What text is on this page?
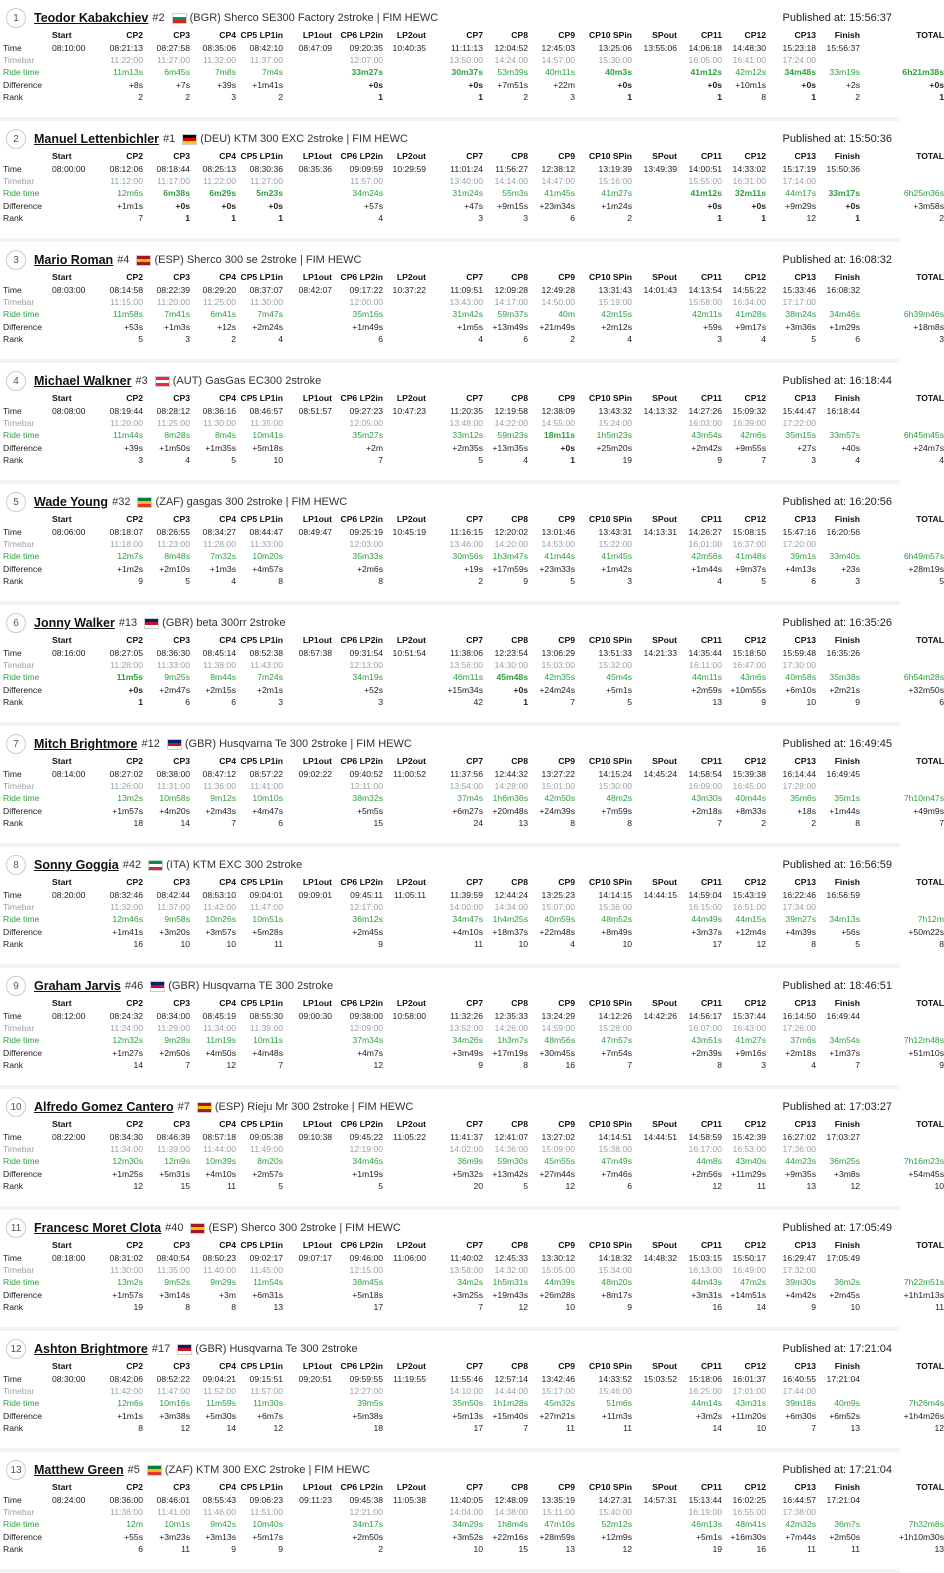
1	Teodor Kabakchiev #2 (BGR) Sherco SE300 Factory 2stroke | FIM HEWC	Published at: 15:56:37
	Start	CP2	CP3	CP4	CP5 LP1in	LP1out	CP6 LP2in	LP2out	CP7	CP8	CP9	CP10 SPin	SPout	CP11	CP12	CP13	Finish	TOTAL
Time	08:10:00	08:21:13	08:27:58	08:35:06	08:42:10	08:47:09	09:20:35	10:40:35	11:11:13	12:04:52	12:45:03	13:25:06	13:55:06	14:06:18	14:48:30	15:23:18	15:56:37	
Timebar		11:22:00	11:27:00	11:32:00	11:37:00		12:07:00		13:50:00	14:24:00	14:57:00	15:30:00		16:05:00	16:41:00	17:24:00		
Ride time		11m13s	6m45s	7m8s	7m4s		33m27s		30m37s	53m39s	40m11s	40m3s		41m12s	42m12s	34m48s	33m19s	6h21m38s
Difference		+8s	+7s	+39s	+1m41s		+0s		+0s	+7m51s	+22m	+0s		+0s	+10m1s	+0s	+2s	+0s
Rank		2	2	3	2		1		1	2	3	1		1	8	1	2	1
2	Manuel Lettenbichler #1 (DEU) KTM 300 EXC 2stroke | FIM HEWC	Published at: 15:50:36
	Start	CP2	CP3	CP4	CP5 LP1in	LP1out	CP6 LP2in	LP2out	CP7	CP8	CP9	CP10 SPin	SPout	CP11	CP12	CP13	Finish	TOTAL
Time	08:00:00	08:12:06	08:18:44	08:25:13	08:30:36	08:35:36	09:09:59	10:29:59	11:01:24	11:56:27	12:38:12	13:19:39	13:49:39	14:00:51	14:33:02	15:17:19	15:50:36	
Timebar		11:12:00	11:17:00	11:22:00	11:27:00		11:57:00		13:40:00	14:14:00	14:47:00	15:16:00		15:55:00	16:31:00	17:14:00		
Ride time		12m6s	6m38s	6m29s	5m23s		34m24s		31m24s	55m3s	41m45s	41m27s		41m12s	32m11s	44m17s	33m17s	6h25m36s
Difference		+1m1s	+0s	+0s	+0s		+57s		+47s	+9m15s	+23m34s	+1m24s		+0s	+0s	+9m29s	+0s	+3m58s
Rank		7	1	1	1		4		3	3	6	2		1	1	12	1	2
3	Mario Roman #4 (ESP) Sherco 300 se 2stroke | FIM HEWC	Published at: 16:08:32
	Start	CP2	CP3	CP4	CP5 LP1in	LP1out	CP6 LP2in	LP2out	CP7	CP8	CP9	CP10 SPin	SPout	CP11	CP12	CP13	Finish	TOTAL
Time	08:03:00	08:14:58	08:22:39	08:29:20	08:37:07	08:42:07	09:17:22	10:37:22	11:09:51	12:09:28	12:49:28	13:31:43	14:01:43	14:13:54	14:55:22	15:33:46	16:08:32	
Timebar		11:15:00	11:20:00	11:25:00	11:30:00		12:00:00		13:43:00	14:17:00	14:50:00	15:19:00		15:58:00	16:34:00	17:17:00		
Ride time		11m58s	7m41s	6m41s	7m47s		35m16s		31m42s	59m37s	40m	42m15s		42m11s	41m28s	38m24s	34m46s	6h39m46s
Difference		+53s	+1m3s	+12s	+2m24s		+1m49s		+1m5s	+13m49s	+21m49s	+2m12s		+59s	+9m17s	+3m36s	+1m29s	+18m8s
Rank		5	3	2	4		6		4	6	2	4		3	4	5	6	3
4	Michael Walkner #3 (AUT) GasGas EC300 2stroke	Published at: 16:18:44
	Start	CP2	CP3	CP4	CP5 LP1in	LP1out	CP6 LP2in	LP2out	CP7	CP8	CP9	CP10 SPin	SPout	CP11	CP12	CP13	Finish	TOTAL
Time	08:08:00	08:19:44	08:28:12	08:36:16	08:46:57	08:51:57	09:27:23	10:47:23	11:20:35	12:19:58	12:38:09	13:43:32	14:13:32	14:27:26	15:09:32	15:44:47	16:18:44	
Timebar		11:20:00	11:25:00	11:30:00	11:35:00		12:05:00		13:48:00	14:22:00	14:55:00	15:24:00		16:03:00	16:39:00	17:22:00		
Ride time		11m44s	8m28s	8m4s	10m41s		35m27s		33m12s	59m23s	18m11s	1h5m23s		43m54s	42m6s	35m15s	33m57s	6h45m45s
Difference		+39s	+1m50s	+1m35s	+5m18s		+2m		+2m35s	+13m35s	+0s	+25m20s		+2m42s	+9m55s	+27s	+40s	+24m7s
Rank		3	4	5	10		7		5	4	1	19		9	7	3	4	4
5	Wade Young #32 (ZAF) gasgas 300 2stroke | FIM HEWC	Published at: 16:20:56
	Start	CP2	CP3	CP4	CP5 LP1in	LP1out	CP6 LP2in	LP2out	CP7	CP8	CP9	CP10 SPin	SPout	CP11	CP12	CP13	Finish	TOTAL
Time	08:06:00	08:18:07	08:26:55	08:34:27	08:44:47	08:49:47	09:25:19	10:45:19	11:16:15	12:20:02	13:01:46	13:43:31	14:13:31	14:26:27	15:08:15	15:47:16	16:20:56	
Timebar		11:18:00	11:23:00	11:28:00	11:33:00		12:03:00		13:46:00	14:20:00	14:53:00	15:22:00		16:01:00	16:37:00	17:20:00		
Ride time		12m7s	8m48s	7m32s	10m20s		35m33s		30m56s	1h3m47s	41m44s	41m45s		42m56s	41m48s	39m1s	33m40s	6h49m57s
Difference		+1m2s	+2m10s	+1m3s	+4m57s		+2m6s		+19s	+17m59s	+23m33s	+1m42s		+1m44s	+9m37s	+4m13s	+23s	+28m19s
Rank		9	5	4	8		8		2	9	5	3		4	5	6	3	5
6	Jonny Walker #13 (GBR) beta 300rr 2stroke	Published at: 16:35:26
	Start	CP2	CP3	CP4	CP5 LP1in	LP1out	CP6 LP2in	LP2out	CP7	CP8	CP9	CP10 SPin	SPout	CP11	CP12	CP13	Finish	TOTAL
Time	08:16:00	08:27:05	08:36:30	08:45:14	08:52:38	08:57:38	09:31:54	10:51:54	11:38:06	12:23:54	13:06:29	13:51:33	14:21:33	14:35:44	15:18:50	15:59:48	16:35:26	
Timebar		11:28:00	11:33:00	11:38:00	11:43:00		12:13:00		13:56:00	14:30:00	15:03:00	15:32:00		16:11:00	16:47:00	17:30:00		
Ride time		11m5s	9m25s	8m44s	7m24s		34m19s		46m11s	45m48s	42m35s	45m4s		44m11s	43m6s	40m58s	35m38s	6h54m28s
Difference		+0s	+2m47s	+2m15s	+2m1s		+52s		+15m34s	+0s	+24m24s	+5m1s		+2m59s	+10m55s	+6m10s	+2m21s	+32m50s
Rank		1	6	6	3		3		42	1	7	5		13	9	10	9	6
7	Mitch Brightmore #12 (GBR) Husqvarna Te 300 2stroke | FIM HEWC	Published at: 16:49:45
	Start	CP2	CP3	CP4	CP5 LP1in	LP1out	CP6 LP2in	LP2out	CP7	CP8	CP9	CP10 SPin	SPout	CP11	CP12	CP13	Finish	TOTAL
Time	08:14:00	08:27:02	08:38:00	08:47:12	08:57:22	09:02:22	09:40:52	11:00:52	11:37:56	12:44:32	13:27:22	14:15:24	14:45:24	14:58:54	15:39:38	16:14:44	16:49:45	
Timebar		11:26:00	11:31:00	11:36:00	11:41:00		12:11:00		13:54:00	14:28:00	15:01:00	15:30:00		16:09:00	16:45:00	17:28:00		
Ride time		13m2s	10m58s	9m12s	10m10s		38m32s		37m4s	1h6m36s	42m50s	48m2s		43m30s	40m44s	35m6s	35m1s	7h10m47s
Difference		+1m57s	+4m20s	+2m43s	+4m47s		+5m5s		+6m27s	+20m48s	+24m39s	+7m59s		+2m18s	+8m33s	+18s	+1m44s	+49m9s
Rank		18	14	7	6		15		24	13	8	8		7	2	2	8	7
8	Sonny Goggia #42 (ITA) KTM EXC 300 2stroke	Published at: 16:56:59
	Start	CP2	CP3	CP4	CP5 LP1in	LP1out	CP6 LP2in	LP2out	CP7	CP8	CP9	CP10 SPin	SPout	CP11	CP12	CP13	Finish	TOTAL
Time	08:20:00	08:32:46	08:42:44	08:53:10	09:04:01	09:09:01	09:45:11	11:05:11	11:39:59	12:44:24	13:25:23	14:14:15	14:44:15	14:59:04	15:43:19	16:22:46	16:56:59	
Timebar		11:32:00	11:37:00	11:42:00	11:47:00		12:17:00		14:00:00	14:34:00	15:07:00	15:36:00		16:15:00	16:51:00	17:34:00		
Ride time		12m46s	9m58s	10m26s	10m51s		36m12s		34m47s	1h4m25s	40m59s	48m52s		44m49s	44m15s	39m27s	34m13s	7h12m
Difference		+1m41s	+3m20s	+3m57s	+5m28s		+2m45s		+4m10s	+18m37s	+22m48s	+8m49s		+3m37s	+12m4s	+4m39s	+56s	+50m22s
Rank		16	10	10	11		9		11	10	4	10		17	12	8	5	8
9	Graham Jarvis #46 (GBR) Husqvarna TE 300 2stroke	Published at: 18:46:51
	Start	CP2	CP3	CP4	CP5 LP1in	LP1out	CP6 LP2in	LP2out	CP7	CP8	CP9	CP10 SPin	SPout	CP11	CP12	CP13	Finish	TOTAL
Time	08:12:00	08:24:32	08:34:00	08:45:19	08:55:30	09:00:30	09:38:00	10:58:00	11:32:26	12:35:33	13:24:29	14:12:26	14:42:26	14:56:17	15:37:44	16:14:50	16:49:44	
Timebar		11:24:00	11:29:00	11:34:00	11:39:00		12:09:00		13:52:00	14:26:00	14:59:00	15:28:00		16:07:00	16:43:00	17:26:00		
Ride time		12m32s	9m28s	11m19s	10m11s		37m34s		34m26s	1h3m7s	48m56s	47m57s		43m51s	41m27s	37m6s	34m54s	7h12m48s
Difference		+1m27s	+2m50s	+4m50s	+4m48s		+4m7s		+3m49s	+17m19s	+30m45s	+7m54s		+2m39s	+9m16s	+2m18s	+1m37s	+51m10s
Rank		14	7	12	7		12		9	8	16	7		8	3	4	7	9
10 Alfredo Gomez Cantero #7 (ESP) Rieju Mr 300 2stroke | FIM HEWC	Published at: 17:03:27
	Start	CP2	CP3	CP4	CP5 LP1in	LP1out	CP6 LP2in	LP2out	CP7	CP8	CP9	CP10 SPin	SPout	CP11	CP12	CP13	Finish	TOTAL
Time	08:22:00	08:34:30	08:46:39	08:57:18	09:05:38	09:10:38	09:45:22	11:05:22	11:41:37	12:41:07	13:27:02	14:14:51	14:44:51	14:58:59	15:42:39	16:27:02	17:03:27	
Timebar		11:34:00	11:39:00	11:44:00	11:49:00		12:19:00		14:02:00	14:36:00	15:09:00	15:38:00		16:17:00	16:53:00	17:36:00		
Ride time		12m30s	12m9s	10m39s	8m20s		34m46s		36m9s	59m30s	45m55s	47m49s		44m8s	43m40s	44m23s	36m25s	7h16m23s
Difference		+1m25s	+5m31s	+4m10s	+2m57s		+1m19s		+5m32s	+13m42s	+27m44s	+7m46s		+2m56s	+11m29s	+9m35s	+3m8s	+54m45s
Rank		12	15	11	5		5		20	5	12	6		12	11	13	12	10
11	Francesc Moret Clota #40 (ESP) Sherco 300 2stroke | FIM HEWC	Published at: 17:05:49
	Start	CP2	CP3	CP4	CP5 LP1in	LP1out	CP6 LP2in	LP2out	CP7	CP8	CP9	CP10 SPin	SPout	CP11	CP12	CP13	Finish	TOTAL
Time	08:18:00	08:31:02	08:40:54	08:50:23	09:02:17	09:07:17	09:46:00	11:06:00	11:40:02	12:45:33	13:30:12	14:18:32	14:48:32	15:03:15	15:50:17	16:29:47	17:05:49	
Timebar		11:30:00	11:35:00	11:40:00	11:45:00		12:15:00		13:58:00	14:32:00	15:05:00	15:34:00		16:13:00	16:49:00	17:32:00		
Ride time		13m2s	9m52s	9m29s	11m54s		38m45s		34m2s	1h5m31s	44m39s	48m20s		44m43s	47m2s	39m30s	36m2s	7h22m51s
Difference		+1m57s	+3m14s	+3m	+6m31s		+5m18s		+3m25s	+19m43s	+26m28s	+8m17s		+3m31s	+14m51s	+4m42s	+2m45s	+1h1m13s
Rank		19	8	8	13		17		7	12	10	9		16	14	9	10	11
12 Ashton Brightmore #17 (GBR) Husqvarna Te 300 2stroke	Published at: 17:21:04
	Start	CP2	CP3	CP4	CP5 LP1in	LP1out	CP6 LP2in	LP2out	CP7	CP8	CP9	CP10 SPin	SPout	CP11	CP12	CP13	Finish	TOTAL
Time	08:30:00	08:42:06	08:52:22	09:04:21	09:15:51	09:20:51	09:59:55	11:19:55	11:55:46	12:57:14	13:42:46	14:33:52	15:03:52	15:18:06	16:01:37	16:40:55	17:21:04	
Timebar		11:42:00	11:47:00	11:52:00	11:57:00		12:27:00		14:10:00	14:44:00	15:17:00	15:46:00		16:25:00	17:01:00	17:44:00		
Ride time		12m6s	10m16s	11m59s	11m30s		39m5s		35m50s	1h1m28s	45m32s	51m6s		44m14s	43m31s	39m18s	40m9s	7h26m4s
Difference		+1m1s	+3m38s	+5m30s	+6m7s		+5m38s		+5m13s	+15m40s	+27m21s	+11m3s		+3m2s	+11m20s	+6m30s	+6m52s	+1h4m26s
Rank		8	12	14	12		18		17	7	11	11		14	10	7	13	12
13 Matthew Green #5 (ZAF) KTM 300 EXC 2stroke | FIM HEWC	Published at: 17:21:04
	Start	CP2	CP3	CP4	CP5 LP1in	LP1out	CP6 LP2in	LP2out	CP7	CP8	CP9	CP10 SPin	SPout	CP11	CP12	CP13	Finish	TOTAL
Time	08:24:00	08:36:00	08:46:01	08:55:43	09:06:23	09:11:23	09:45:38	11:05:38	11:40:05	12:48:09	13:35:19	14:27:31	14:57:31	15:13:44	16:02:25	16:44:57	17:21:04	
Timebar		11:36:00	11:41:00	11:46:00	11:51:00		12:21:00		14:04:00	14:38:00	15:11:00	15:40:00		16:19:00	16:55:00	17:38:00		
Ride time		12m	10m1s	9m42s	10m40s		34m17s		34m29s	1h8m4s	47m10s	52m12s		46m13s	48m41s	42m32s	36m7s	7h32m8s
Difference		+55s	+3m23s	+3m13s	+5m17s		+2m50s		+3m52s	+22m16s	+28m59s	+12m9s		+5m1s	+16m30s	+7m44s	+2m50s	+1h10m30s
Rank		6	11	9	9		2		10	15	13	12		19	16	11	11	13
